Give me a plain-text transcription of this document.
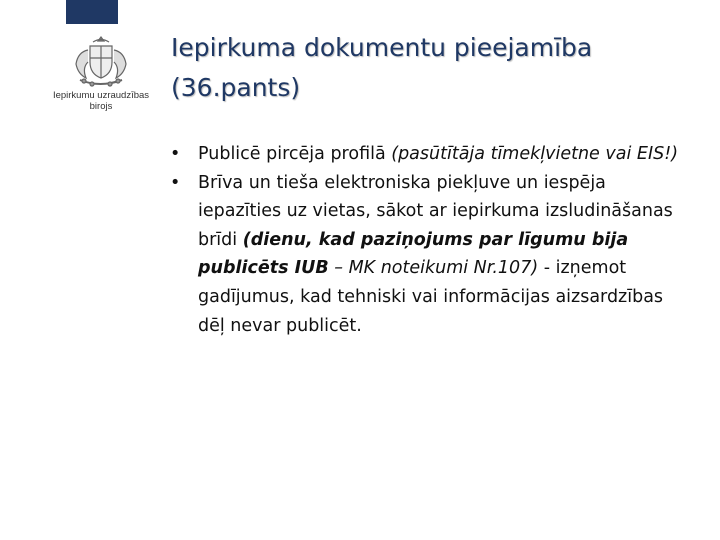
Iepirkumu uzraudzības
birojs
Iepirkuma dokumentu pieejamība
(36.pants)
• Publicē pircēja profilā (pasūtītāja tīmekļvietne vai EIS!)
• Brīva un tieša elektroniska piekļuve un iespēja iepazīties uz vietas, sākot ar iepirkuma izsludināšanas brīdi (dienu, kad paziņojums par līgumu bija publicēts IUB – MK noteikumi Nr.107) - izņemot gadījumus, kad tehniski vai informācijas aizsardzības dēļ nevar publicēt.
